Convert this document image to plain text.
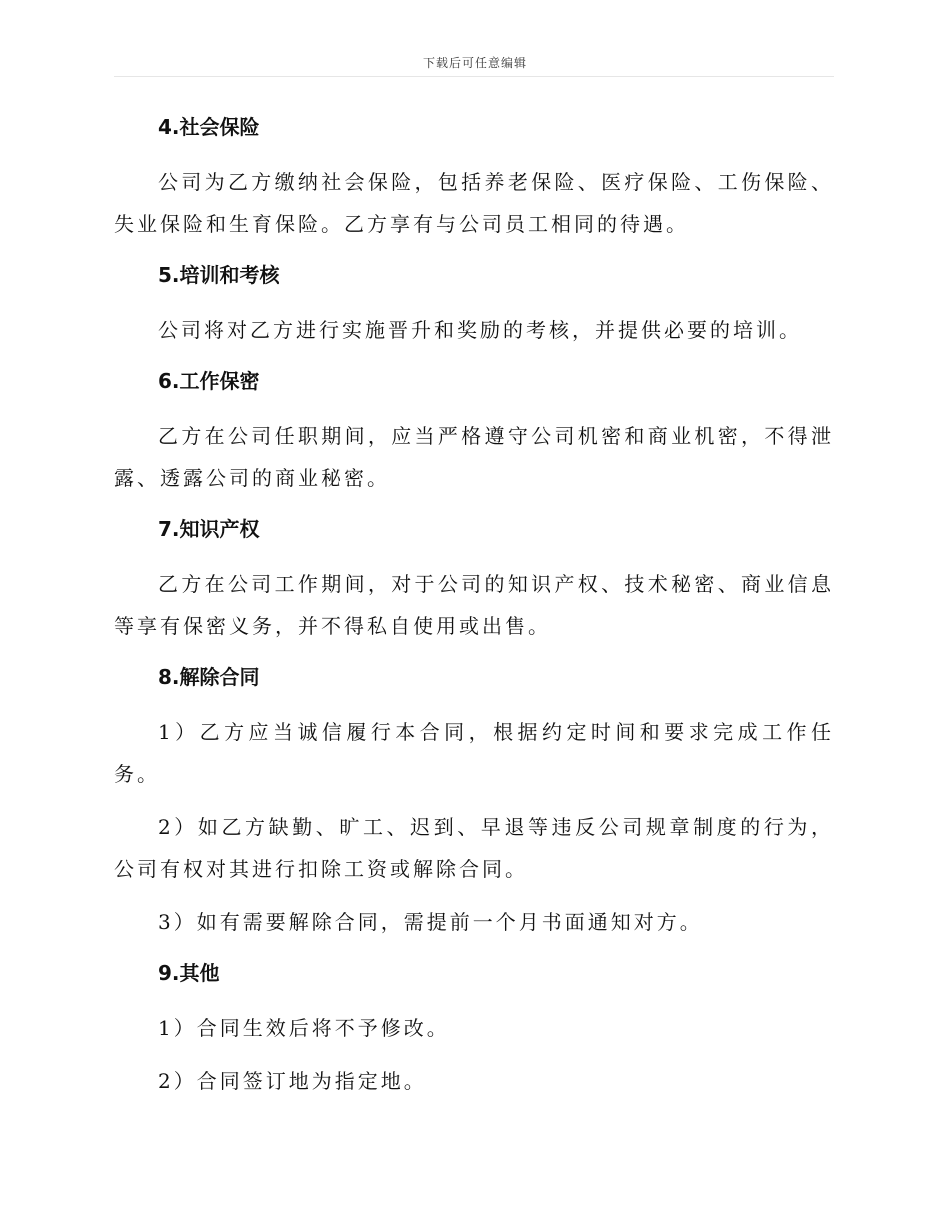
下载后可任意编辑
4.社会保险

公司为乙方缴纳社会保险，包括养老保险、医疗保险、工伤保险、失业保险和生育保险。乙方享有与公司员工相同的待遇。

5.培训和考核

公司将对乙方进行实施晋升和奖励的考核，并提供必要的培训。

6.工作保密

乙方在公司任职期间，应当严格遵守公司机密和商业机密，不得泄露、透露公司的商业秘密。

7.知识产权

乙方在公司工作期间，对于公司的知识产权、技术秘密、商业信息等享有保密义务，并不得私自使用或出售。

8.解除合同

1）乙方应当诚信履行本合同，根据约定时间和要求完成工作任务。

2）如乙方缺勤、旷工、迟到、早退等违反公司规章制度的行为，公司有权对其进行扣除工资或解除合同。

3）如有需要解除合同，需提前一个月书面通知对方。

9.其他

1）合同生效后将不予修改。

2）合同签订地为指定地。
